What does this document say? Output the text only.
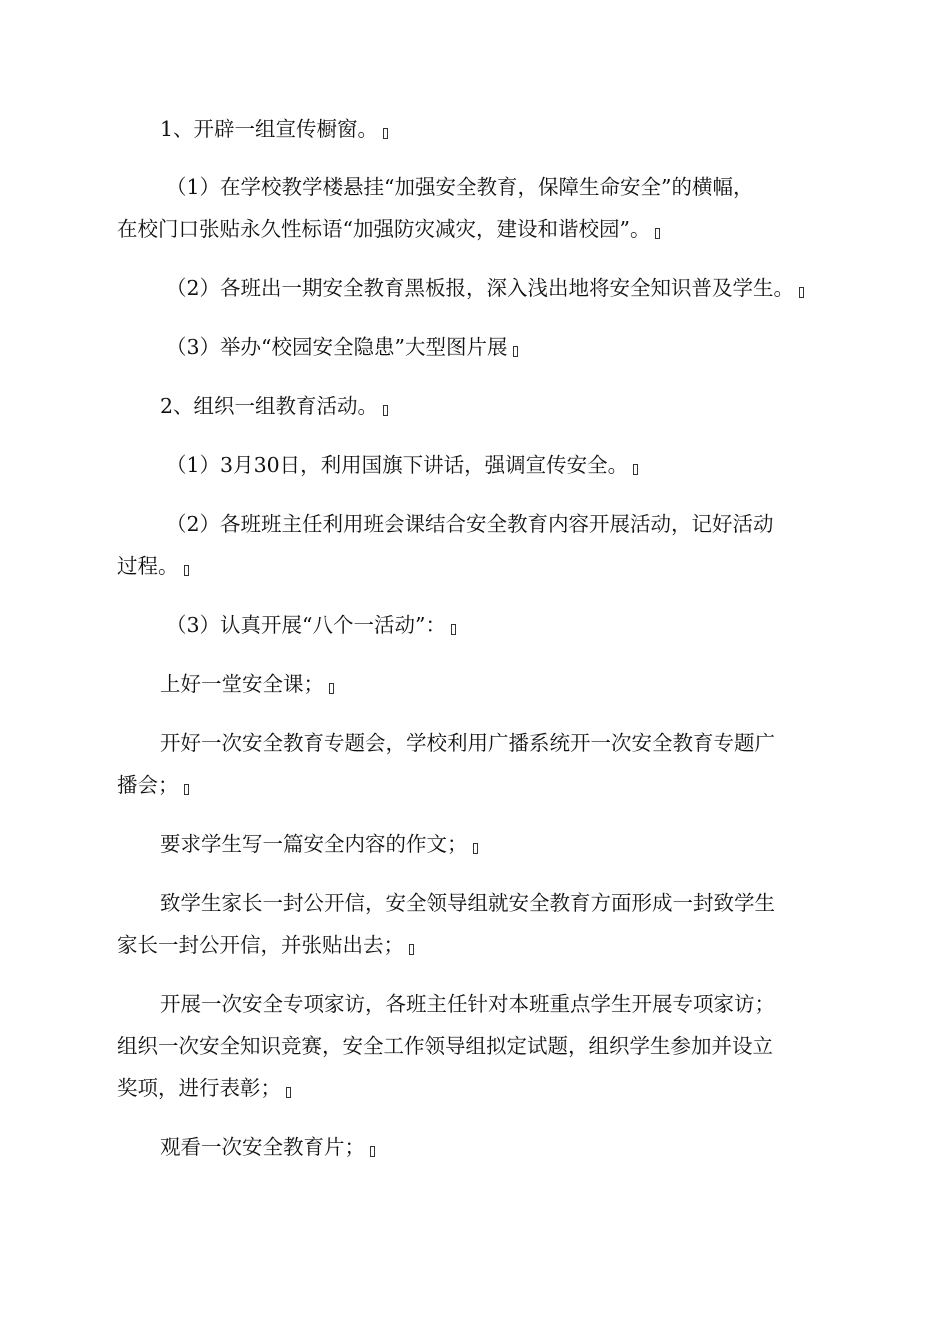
1、开辟一组宣传橱窗。
（1）在学校教学楼悬挂“加强安全教育，保障生命安全”的横幅，
在校门口张贴永久性标语“加强防灾减灾，建设和谐校园”。
（2）各班出一期安全教育黑板报，深入浅出地将安全知识普及学生。
（3）举办“校园安全隐患”大型图片展
2、组织一组教育活动。
（1）3月30日，利用国旗下讲话，强调宣传安全。
（2）各班班主任利用班会课结合安全教育内容开展活动，记好活动
过程。
（3）认真开展“八个一活动”：
上好一堂安全课；
开好一次安全教育专题会，学校利用广播系统开一次安全教育专题广
播会；
要求学生写一篇安全内容的作文；
致学生家长一封公开信，安全领导组就安全教育方面形成一封致学生
家长一封公开信，并张贴出去；
开展一次安全专项家访，各班主任针对本班重点学生开展专项家访；
组织一次安全知识竞赛，安全工作领导组拟定试题，组织学生参加并设立
奖项，进行表彰；
观看一次安全教育片；
